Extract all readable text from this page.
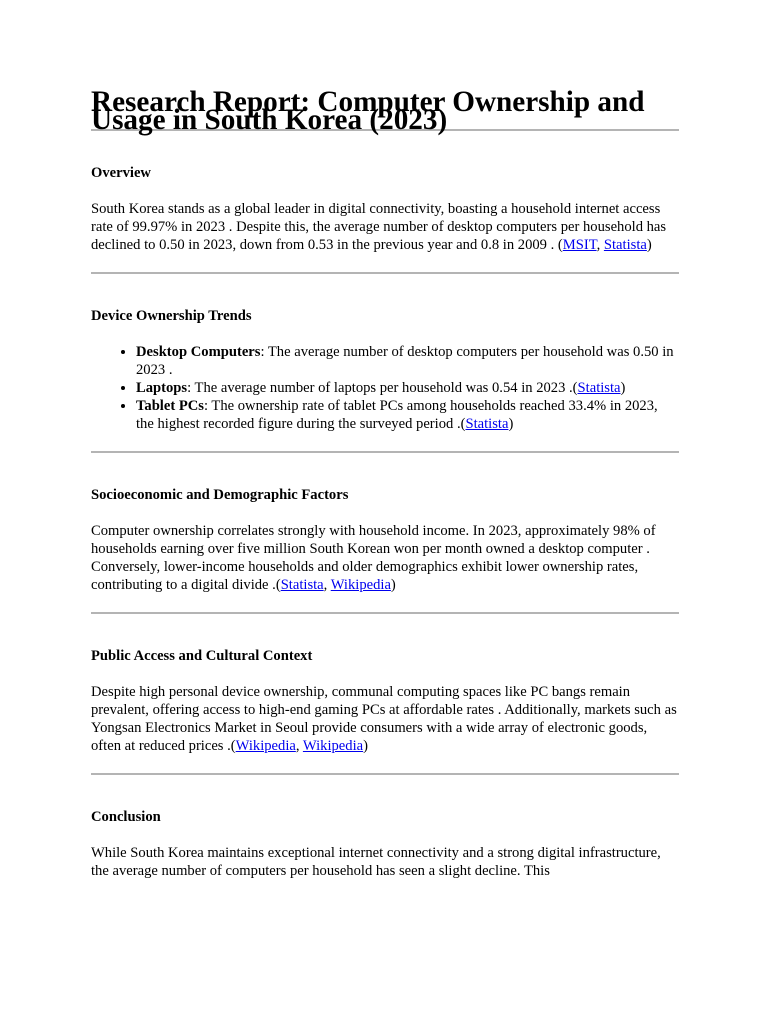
Research Report: Computer Ownership and Usage in South Korea (2023)
Overview

South Korea stands as a global leader in digital connectivity, boasting a household internet access rate of 99.97% in 2023 . Despite this, the average number of desktop computers per household has declined to 0.50 in 2023, down from 0.53 in the previous year and 0.8 in 2009 . (MSIT, Statista)

Device Ownership Trends
• Desktop Computers: The average number of desktop computers per household was 0.50 in 2023 .
• Laptops: The average number of laptops per household was 0.54 in 2023 .(Statista)
• Tablet PCs: The ownership rate of tablet PCs among households reached 33.4% in 2023, the highest recorded figure during the surveyed period .(Statista)
Socioeconomic and Demographic Factors

Computer ownership correlates strongly with household income. In 2023, approximately 98% of households earning over five million South Korean won per month owned a desktop computer . Conversely, lower-income households and older demographics exhibit lower ownership rates, contributing to a digital divide .(Statista, Wikipedia)

Public Access and Cultural Context

Despite high personal device ownership, communal computing spaces like PC bangs remain prevalent, offering access to high-end gaming PCs at affordable rates . Additionally, markets such as Yongsan Electronics Market in Seoul provide consumers with a wide array of electronic goods, often at reduced prices .(Wikipedia, Wikipedia)

Conclusion

While South Korea maintains exceptional internet connectivity and a strong digital infrastructure, the average number of computers per household has seen a slight decline. This
